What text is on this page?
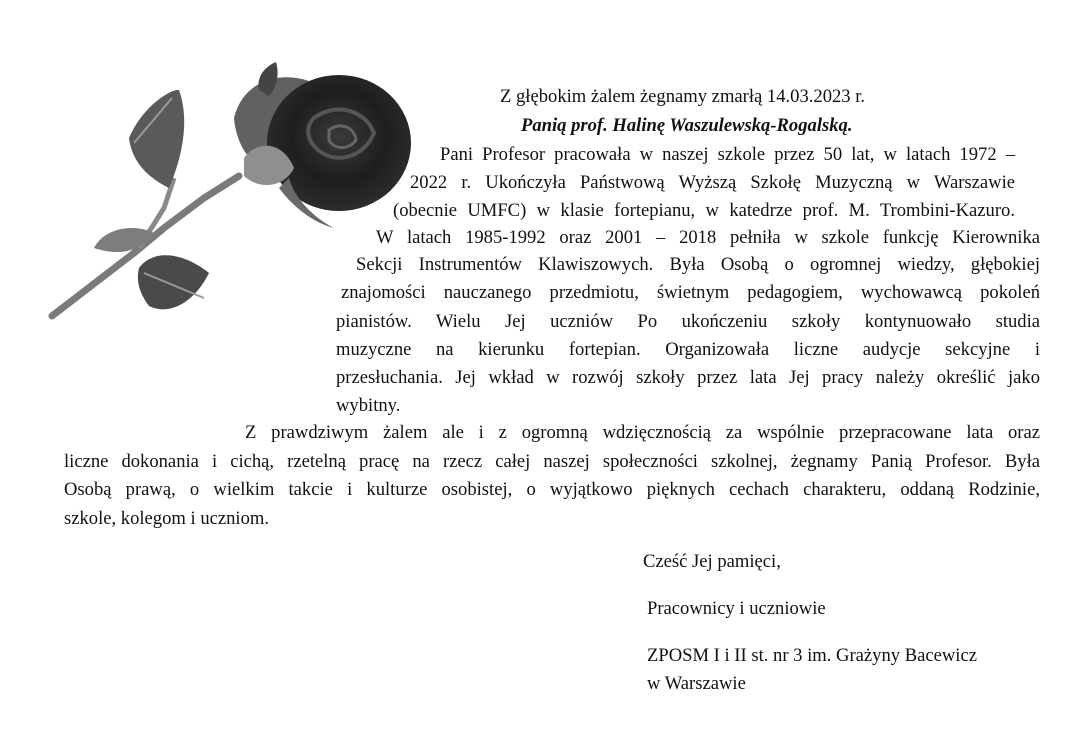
Z głębokim żalem żegnamy zmarłą 14.03.2023 r.
Panią prof. Halinę Waszulewską-Rogalską.
Pani Profesor pracowała w naszej szkole przez 50 lat, w latach 1972 –
2022 r. Ukończyła Państwową Wyższą Szkołę Muzyczną w Warszawie
(obecnie UMFC) w klasie fortepianu, w katedrze prof. M. Trombini-Kazuro.
W latach 1985-1992 oraz 2001 – 2018 pełniła w szkole funkcję Kierownika
Sekcji Instrumentów Klawiszowych. Była Osobą o ogromnej wiedzy, głębokiej
znajomości nauczanego przedmiotu, świetnym pedagogiem, wychowawcą pokoleń
pianistów. Wielu Jej uczniów Po ukończeniu szkoły kontynuowało studia
muzyczne na kierunku fortepian. Organizowała liczne audycje sekcyjne i
przesłuchania. Jej wkład w rozwój szkoły przez lata Jej pracy należy określić jako
wybitny.
Z prawdziwym żalem ale i z ogromną wdzięcznością za wspólnie przepracowane lata oraz
liczne dokonania i cichą, rzetelną pracę na rzecz całej naszej społeczności szkolnej, żegnamy Panią Profesor. Była
Osobą prawą, o wielkim takcie i kulturze osobistej, o wyjątkowo pięknych cechach charakteru, oddaną Rodzinie,
szkole, kolegom i uczniom.
Cześć Jej pamięci,
Pracownicy i uczniowie
ZPOSM I i II st. nr 3 im. Grażyny Bacewicz
w Warszawie
